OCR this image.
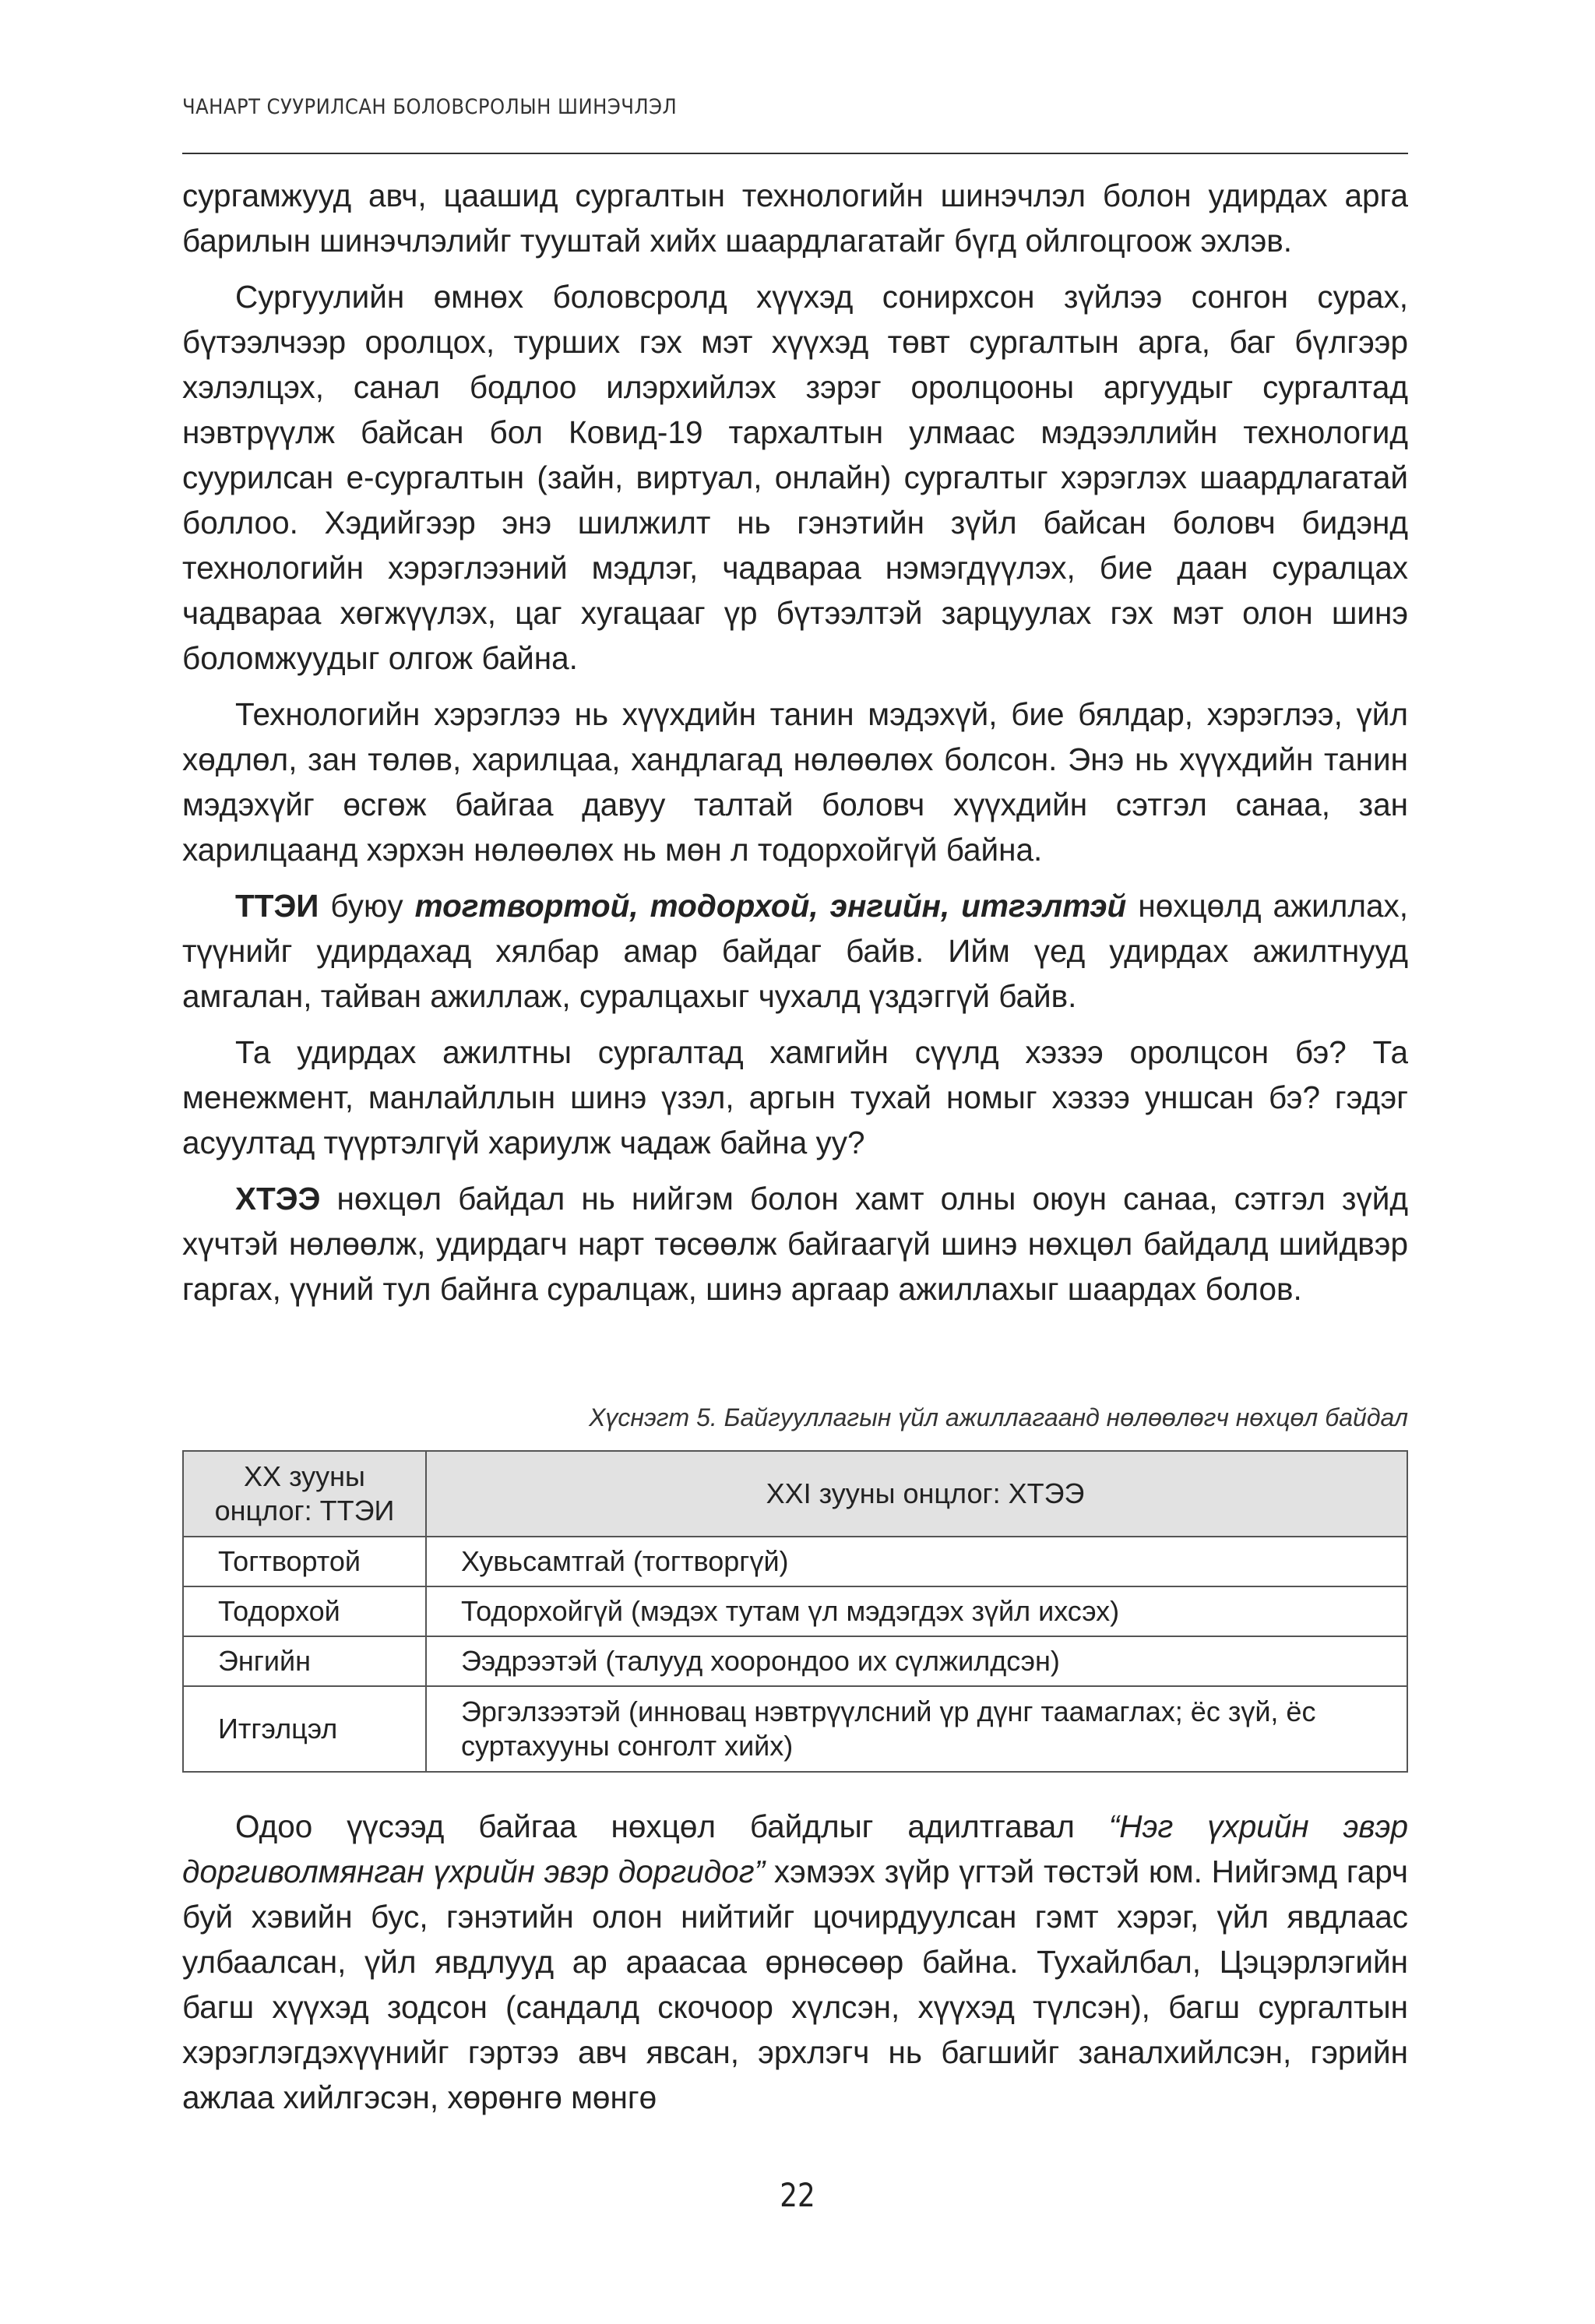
ЧАНАРТ СУУРИЛСАН БОЛОВСРОЛЫН ШИНЭЧЛЭЛ

сургамжууд авч, цаашид сургалтын технологийн шинэчлэл болон удирдах арга барилын шинэчлэлийг тууштай хийх шаардлагатайг бүгд ойлгоцгоож эхлэв.

Сургуулийн өмнөх боловсролд хүүхэд сонирхсон зүйлээ сонгон сурах, бүтээлчээр оролцох, турших гэх мэт хүүхэд төвт сургалтын арга, баг бүлгээр хэлэлцэх, санал бодлоо илэрхийлэх зэрэг оролцооны аргуудыг сургалтад нэвтрүүлж байсан бол Ковид-19 тархалтын улмаас мэдээллийн технологид суурилсан е-сургалтын (зайн, виртуал, онлайн) сургалтыг хэрэглэх шаардлагатай боллоо. Хэдийгээр энэ шилжилт нь гэнэтийн зүйл байсан боловч бидэнд технологийн хэрэглээний мэдлэг, чадвараа нэмэгдүүлэх, бие даан суралцах чадвараа хөгжүүлэх, цаг хугацааг үр бүтээлтэй зарцуулах гэх мэт олон шинэ боломжуудыг олгож байна.

Технологийн хэрэглээ нь хүүхдийн танин мэдэхүй, бие бялдар, хэрэглээ, үйл хөдлөл, зан төлөв, харилцаа, хандлагад нөлөөлөх болсон. Энэ нь хүүхдийн танин мэдэхүйг өсгөж байгаа давуу талтай боловч хүүхдийн сэтгэл санаа, зан харилцаанд хэрхэн нөлөөлөх нь мөн л тодорхойгүй байна.

ТТЭИ буюу тогтвортой, тодорхой, энгийн, итгэлтэй нөхцөлд ажиллах, түүнийг удирдахад хялбар амар байдаг байв. Ийм үед удирдах ажилтнууд амгалан, тайван ажиллаж, суралцахыг чухалд үздэггүй байв.

Та удирдах ажилтны сургалтад хамгийн сүүлд хэзээ оролцсон бэ? Та менежмент, манлайллын шинэ үзэл, аргын тухай номыг хэзээ уншсан бэ? гэдэг асуултад түүртэлгүй хариулж чадаж байна уу?

ХТЭЭ нөхцөл байдал нь нийгэм болон хамт олны оюун санаа, сэтгэл зүйд хүчтэй нөлөөлж, удирдагч нарт төсөөлж байгаагүй шинэ нөхцөл байдалд шийдвэр гаргах, үүний тул байнга суралцаж, шинэ аргаар ажиллахыг шаардах болов.

Хүснэгт 5. Байгууллагын үйл ажиллагаанд нөлөөлөгч нөхцөл байдал
XX зууны онцлог: ТТЭИ	XXI зууны онцлог: ХТЭЭ
Тогтвортой	Хувьсамтгай (тогтворгүй)
Тодорхой	Тодорхойгүй (мэдэх тутам үл мэдэгдэх зүйл ихсэх)
Энгийн	Ээдрээтэй (талууд хоорондоо их сүлжилдсэн)
Итгэлцэл	Эргэлзээтэй (инновац нэвтрүүлсний үр дүнг таамаглах; ёс зүй, ёс суртахууны сонголт хийх)

Одоо үүсээд байгаа нөхцөл байдлыг адилтгавал “Нэг үхрийн эвэр доргиволмянган үхрийн эвэр доргидог” хэмээх зүйр үгтэй төстэй юм. Нийгэмд гарч буй хэвийн бус, гэнэтийн олон нийтийг цочирдуулсан гэмт хэрэг, үйл явдлаас улбаалсан, үйл явдлууд ар араасаа өрнөсөөр байна. Тухайлбал, Цэцэрлэгийн багш хүүхэд зодсон (сандалд скочоор хүлсэн, хүүхэд түлсэн), багш сургалтын хэрэглэгдэхүүнийг гэртээ авч явсан, эрхлэгч нь багшийг заналхийлсэн, гэрийн ажлаа хийлгэсэн, хөрөнгө мөнгө

22
